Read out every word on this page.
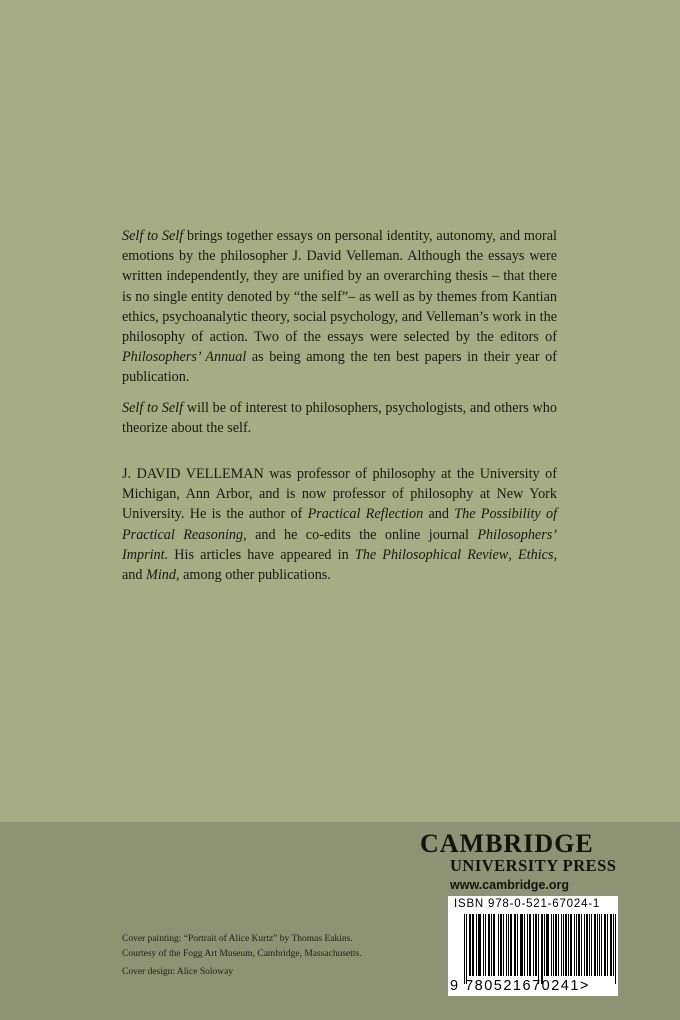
Self to Self brings together essays on personal identity, autonomy, and moral emotions by the philosopher J. David Velleman. Although the essays were written independently, they are unified by an overarching thesis – that there is no single entity denoted by “the self”– as well as by themes from Kantian ethics, psychoanalytic theory, social psychology, and Velleman’s work in the philosophy of action. Two of the essays were selected by the editors of Philosophers’ Annual as being among the ten best papers in their year of publication.

Self to Self will be of interest to philosophers, psychologists, and others who theorize about the self.

J. DAVID VELLEMAN was professor of philosophy at the University of Michigan, Ann Arbor, and is now professor of philosophy at New York University. He is the author of Practical Reflection and The Possibility of Practical Reasoning, and he co-edits the online journal Philosophers’ Imprint. His articles have appeared in The Philosophical Review, Ethics, and Mind, among other publications.

Cover painting: “Portrait of Alice Kurtz” by Thomas Eakins.
Courtesy of the Fogg Art Museum, Cambridge, Massachusetts.
Cover design: Alice Soloway
CAMBRIDGE
UNIVERSITY PRESS
www.cambridge.org
ISBN 978-0-521-67024-1
9 780521670241>
